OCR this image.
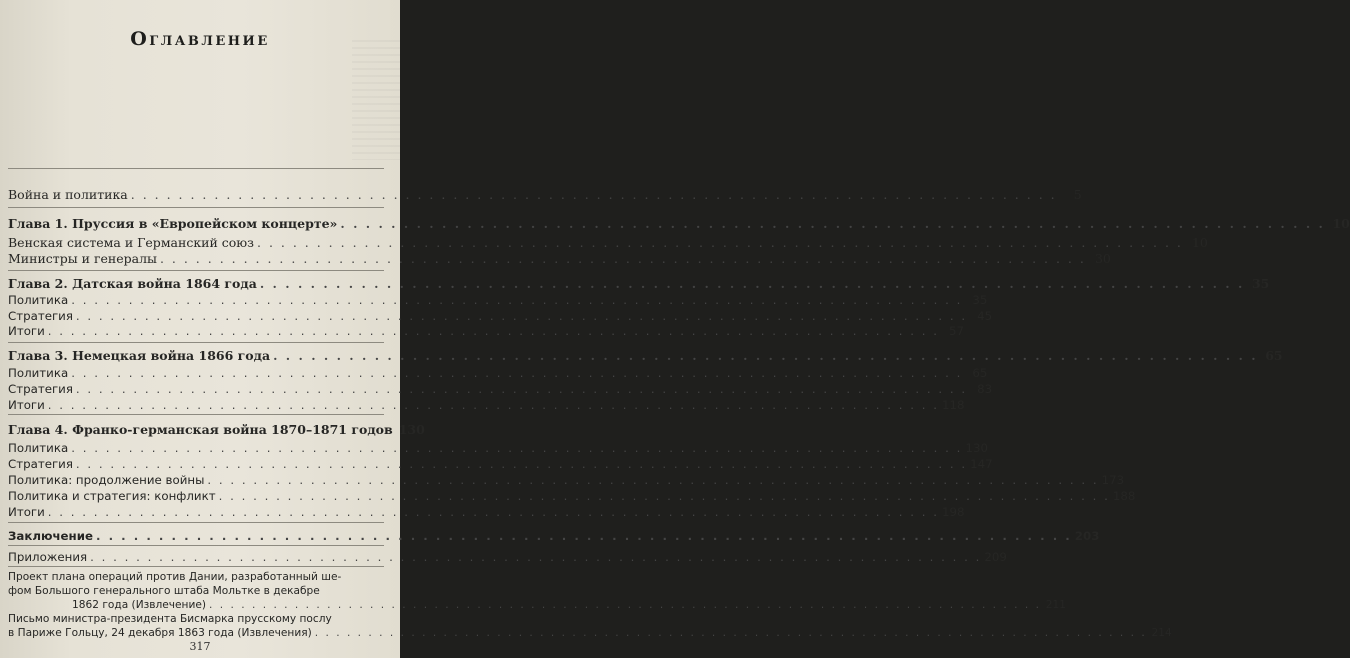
Оглавление
Война и политика . . .	5
Глава 1. Пруссия в «Европейском концерте» . . .	10
Венская система и Германский союз . . .	10
Министры и генералы . . .	30
Глава 2. Датская война 1864 года . . .	35
Политика . . .	35
Стратегия . . .	45
Итоги . . .	57
Глава 3. Немецкая война 1866 года . . .	65
Политика . . .	65
Стратегия . . .	83
Итоги . . .	118
Глава 4. Франко-германская война 1870–1871 годов 130
Политика . . .	130
Стратегия . . .	147
Политика: продолжение войны . . .	173
Политика и стратегия: конфликт . . .	188
Итоги . . .	198
Заключение . . .	203
Приложения . . .	209
Проект плана операций против Дании, разработанный ше-
фом Большого генерального штаба Мольтке в декабре
1862 года (Извлечение) . . .	211
Письмо министра-президента Бисмарка прусскому послу
в Париже Гольцу, 24 декабря 1863 года (Извлечения) . . .	214
317
